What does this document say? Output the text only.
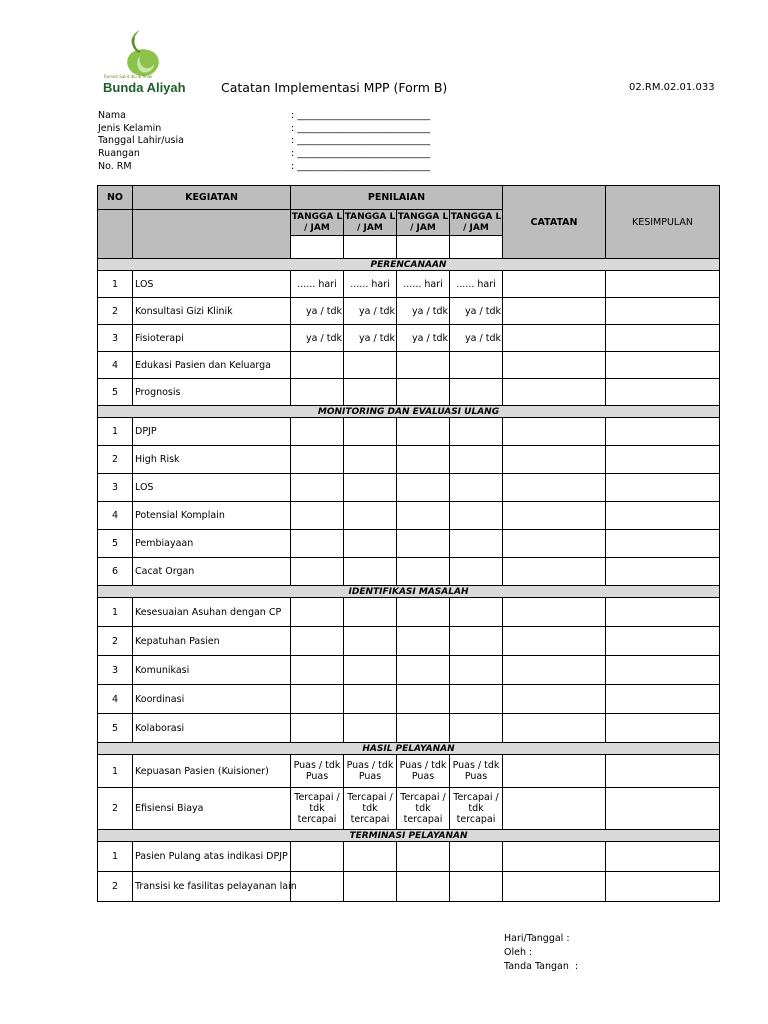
Rumah Sakit Ibu & Anak
Bunda Aliyah	Catatan Implementasi MPP (Form B)	02.RM.02.01.033
Nama	: ____________________________
Jenis Kelamin	: ____________________________
Tanggal Lahir/usia	: ____________________________
Ruangan	: ____________________________
No. RM	: ____________________________
NO	KEGIATAN	PENILAIAN				CATATAN	KESIMPULAN
		TANGGA L / JAM	TANGGA L / JAM	TANGGA L / JAM	TANGGA L / JAM		

PERENCANAAN							
1	LOS	...... hari	...... hari	...... hari	...... hari		
2	Konsultasi Gizi Klinik	ya / tdk	ya / tdk	ya / tdk	ya / tdk		
3	Fisioterapi	ya / tdk	ya / tdk	ya / tdk	ya / tdk		
4	Edukasi Pasien dan Keluarga						
5	Prognosis						
MONITORING DAN EVALUASI ULANG							
1	DPJP						
2	High Risk						
3	LOS						
4	Potensial Komplain						
5	Pembiayaan						
6	Cacat Organ						
IDENTIFIKASI MASALAH							
1	Kesesuaian Asuhan dengan CP						
2	Kepatuhan Pasien						
3	Komunikasi						
4	Koordinasi						
5	Kolaborasi						
HASIL PELAYANAN							
1	Kepuasan Pasien (Kuisioner)	Puas / tdk Puas	Puas / tdk Puas	Puas / tdk Puas	Puas / tdk Puas		
2	Efisiensi Biaya	Tercapai / tdk tercapai	Tercapai / tdk tercapai	Tercapai / tdk tercapai	Tercapai / tdk tercapai		
TERMINASI PELAYANAN							
1	Pasien Pulang atas indikasi DPJP						
2	Transisi ke fasilitas pelayanan lain						
Hari/Tanggal :
Oleh :
Tanda Tangan  :
